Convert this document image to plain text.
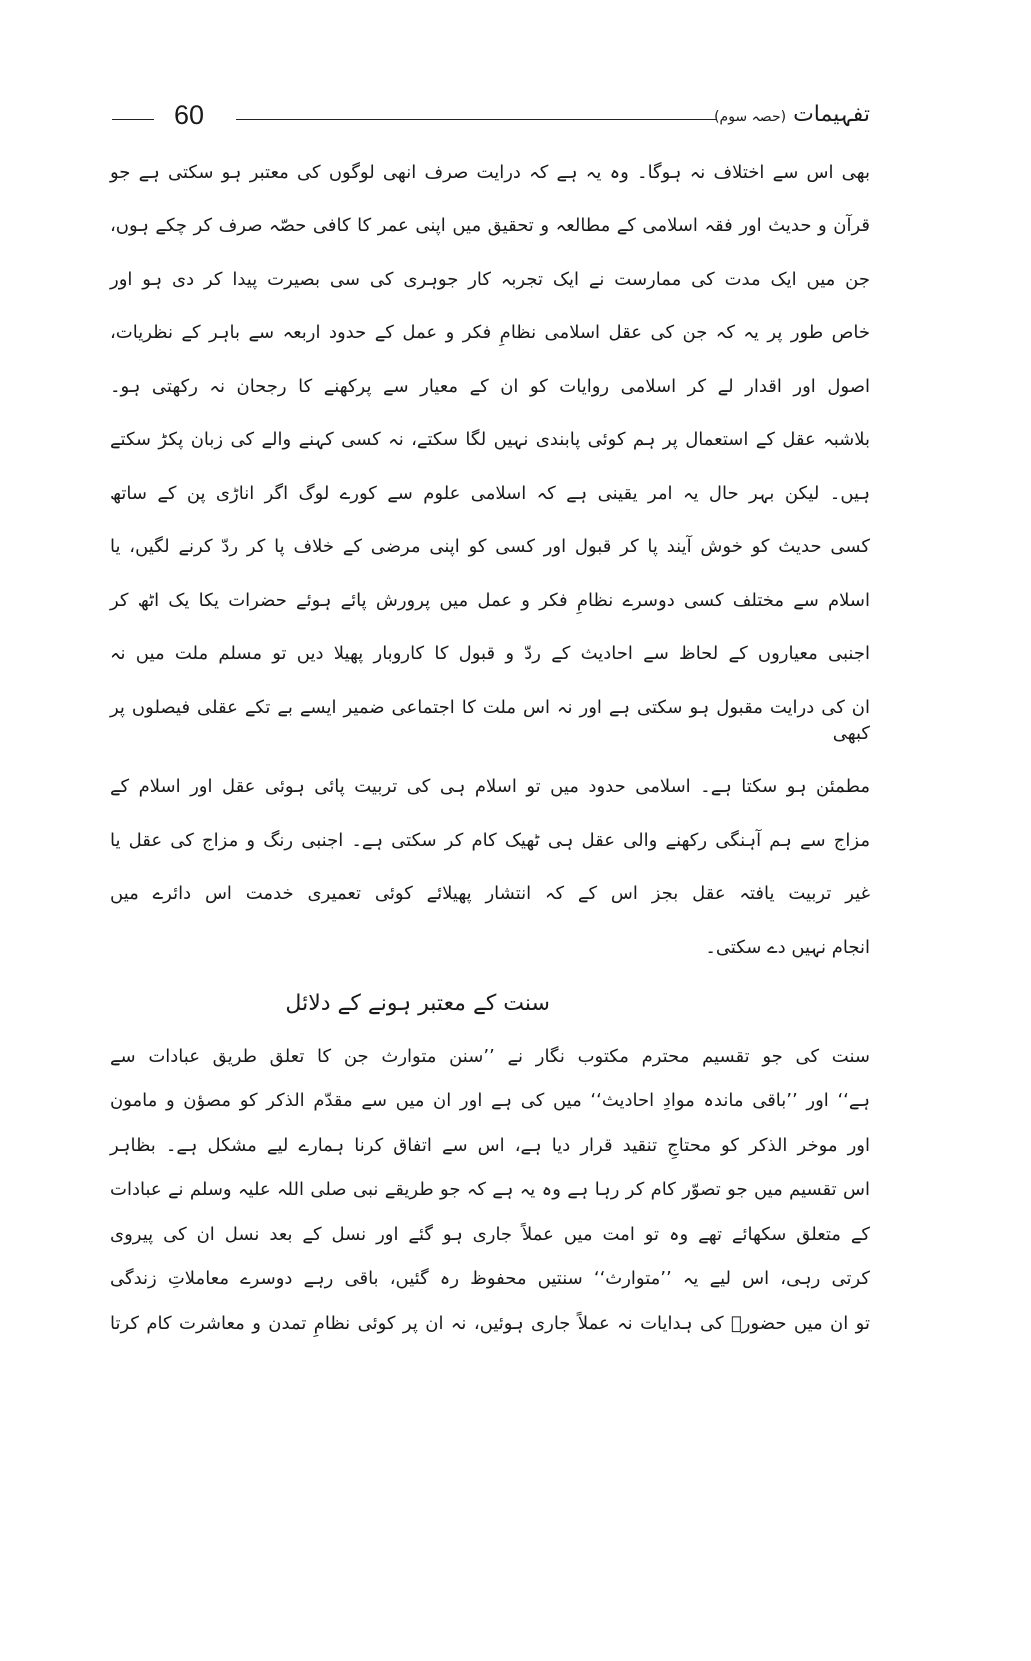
60	تفہیمات (حصہ سوم)
بھی اس سے اختلاف نہ ہوگا۔ وہ یہ ہے کہ درایت صرف انھی لوگوں کی معتبر ہو سکتی ہے جو
قرآن و حدیث اور فقہ اسلامی کے مطالعہ و تحقیق میں اپنی عمر کا کافی حصّہ صرف کر چکے ہوں،
جن میں ایک مدت کی ممارست نے ایک تجربہ کار جوہری کی سی بصیرت پیدا کر دی ہو اور
خاص طور پر یہ کہ جن کی عقل اسلامی نظامِ فکر و عمل کے حدود اربعہ سے باہر کے نظریات،
اصول اور اقدار لے کر اسلامی روایات کو ان کے معیار سے پرکھنے کا رجحان نہ رکھتی ہو۔
بلاشبہ عقل کے استعمال پر ہم کوئی پابندی نہیں لگا سکتے، نہ کسی کہنے والے کی زبان پکڑ سکتے
ہیں۔ لیکن بہر حال یہ امر یقینی ہے کہ اسلامی علوم سے کورے لوگ اگر اناڑی پن کے ساتھ
کسی حدیث کو خوش آیند پا کر قبول اور کسی کو اپنی مرضی کے خلاف پا کر ردّ کرنے لگیں، یا
اسلام سے مختلف کسی دوسرے نظامِ فکر و عمل میں پرورش پائے ہوئے حضرات یکا یک اٹھ کر
اجنبی معیاروں کے لحاظ سے احادیث کے ردّ و قبول کا کاروبار پھیلا دیں تو مسلم ملت میں نہ
ان کی درایت مقبول ہو سکتی ہے اور نہ اس ملت کا اجتماعی ضمیر ایسے بے تکے عقلی فیصلوں پر کبھی
مطمئن ہو سکتا ہے۔ اسلامی حدود میں تو اسلام ہی کی تربیت پائی ہوئی عقل اور اسلام کے
مزاج سے ہم آہنگی رکھنے والی عقل ہی ٹھیک کام کر سکتی ہے۔ اجنبی رنگ و مزاج کی عقل یا
غیر تربیت یافتہ عقل بجز اس کے کہ انتشار پھیلائے کوئی تعمیری خدمت اس دائرے میں
انجام نہیں دے سکتی۔
سنت کے معتبر ہونے کے دلائل
سنت کی جو تقسیم محترم مکتوب نگار نے ’’سنن متوارث جن کا تعلق طریق عبادات سے
ہے‘‘ اور ’’باقی ماندہ موادِ احادیث‘‘ میں کی ہے اور ان میں سے مقدّم الذکر کو مصؤن و مامون
اور موخر الذکر کو محتاجِ تنقید قرار دیا ہے، اس سے اتفاق کرنا ہمارے لیے مشکل ہے۔ بظاہر
اس تقسیم میں جو تصوّر کام کر رہا ہے وہ یہ ہے کہ جو طریقے نبی صلی اللہ علیہ وسلم نے عبادات
کے متعلق سکھائے تھے وہ تو امت میں عملاً جاری ہو گئے اور نسل کے بعد نسل ان کی پیروی
کرتی رہی، اس لیے یہ ’’متوارث‘‘ سنتیں محفوظ رہ گئیں، باقی رہے دوسرے معاملاتِ زندگی
تو ان میں حضورؐ کی ہدایات نہ عملاً جاری ہوئیں، نہ ان پر کوئی نظامِ تمدن و معاشرت کام کرتا
